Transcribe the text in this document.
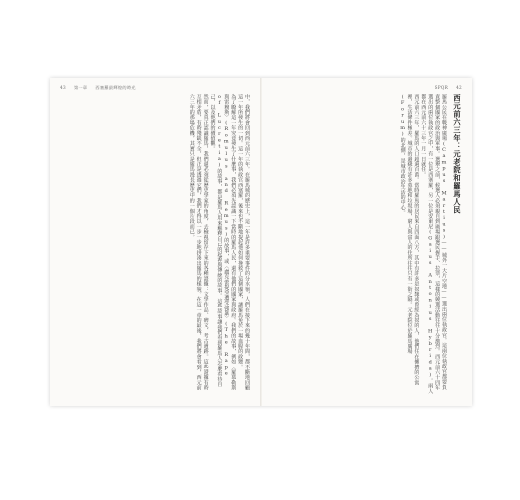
43 第一章 西塞羅最輝煌的時光	SPQR 42

中，我們將會回到西元前六三年。在羅馬城的歷史上，這一年是許多重要事件的分水嶺，人們在接下來的幾十年間，都不斷地回顧這一年所發生的一切。這一年的執政官西塞羅，後來也不斷地提起他如何挽救了這個國家，讓羅馬免於一場血腥的政變。

為了瞭解這一年究竟發生了什麼事，我們必須先認識一下當時的羅馬人民，還有他們的國家與政府。我們的故事，例如〈羅慕勒斯與雷穆斯〉(Romulus and Remus)的故事，或〈盧克蕾提亞遭受強暴〉(The Rape of Lucretia)的故事，都是羅馬人用來解釋自己的起源與傳統的故事。這些故事讓我們看到羅馬人怎麼看待自己，以及他們的價值觀。

然而，要真正認識羅馬，我們還必須從歷史學家的角度，去檢視留存下來的各種證據：文學作品、碑文、考古遺跡。這些證據有時互相矛盾，有時殘缺不全，但正是透過它們，我們才得以一步一步地拼湊出羅馬的樣貌。在這一章的最後，我們將會看到，西元前六三年的那場危機，其實只是羅馬漫長歷史中的一個片段而已。	羅馬公民在戰神廣場(Campus Martius)——城外一大片空地——選出兩位執政官。這兩位執政官都要負責整個國家的政治與軍事。選舉之前，候選人必須親自到廣場跟選民握手、拉票，這樣的競選活動往往十分激烈。西元前六十四年選出的兩位執政官之中，有一位是西塞羅，另一位是安東尼(Gaius Antonius Hybrida)。兩人都在西元前六十三年一月一日就任。

西元前六三年，羅馬的人口超過百萬。當時羅馬的居民來自四面八方，其中有許多是奴隸或曾經為奴的人，他們住在擁擠的公寓裡，生活條件極差。城市的邊緣有許多墓地和垃圾場，窮人與富人的住所往往只有一街之隔。元老院位於羅馬廣場(Forum)的北側，是城市政治生活的中心。	西元前六三年：元老院和羅馬人民
